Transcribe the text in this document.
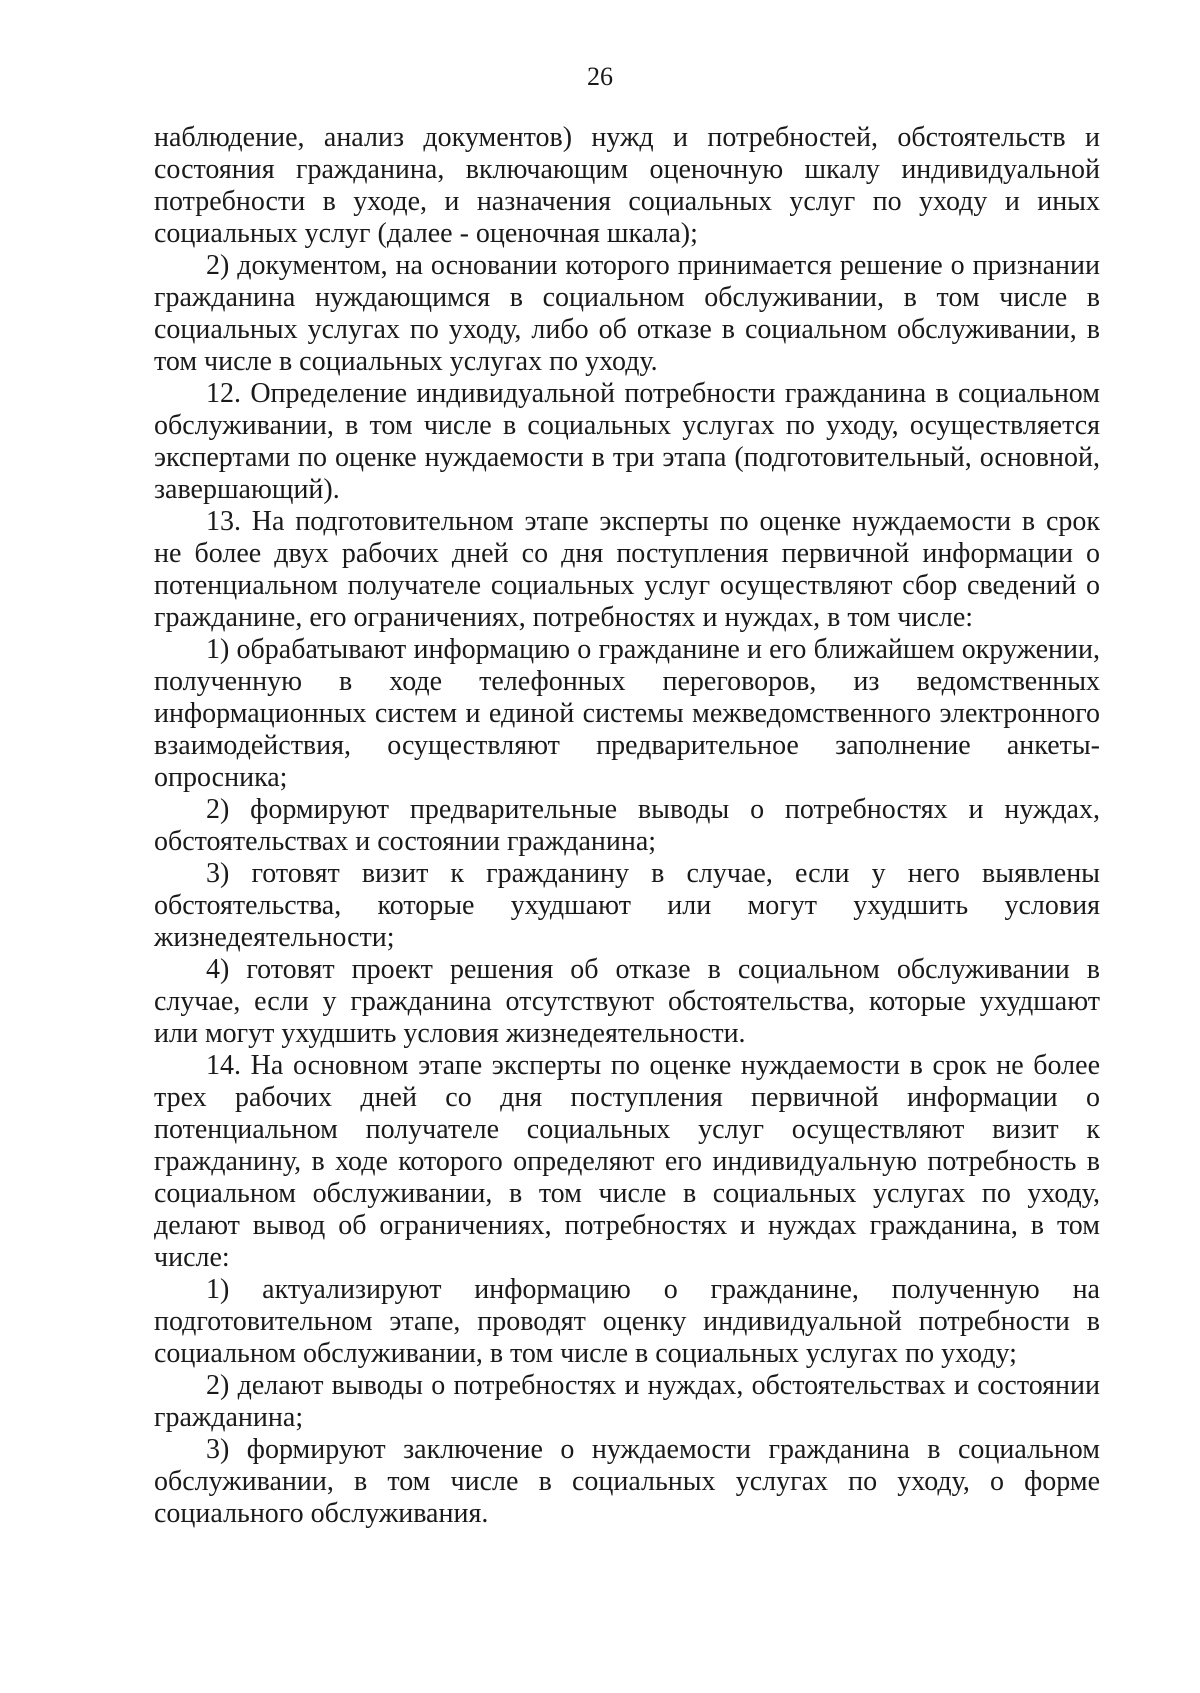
26

наблюдение, анализ документов) нужд и потребностей, обстоятельств и состояния гражданина, включающим оценочную шкалу индивидуальной потребности в уходе, и назначения социальных услуг по уходу и иных социальных услуг (далее - оценочная шкала);

2) документом, на основании которого принимается решение о признании гражданина нуждающимся в социальном обслуживании, в том числе в социальных услугах по уходу, либо об отказе в социальном обслуживании, в том числе в социальных услугах по уходу.

12. Определение индивидуальной потребности гражданина в социальном обслуживании, в том числе в социальных услугах по уходу, осуществляется экспертами по оценке нуждаемости в три этапа (подготовительный, основной, завершающий).

13. На подготовительном этапе эксперты по оценке нуждаемости в срок не более двух рабочих дней со дня поступления первичной информации о потенциальном получателе социальных услуг осуществляют сбор сведений о гражданине, его ограничениях, потребностях и нуждах, в том числе:

1) обрабатывают информацию о гражданине и его ближайшем окружении, полученную в ходе телефонных переговоров, из ведомственных информационных систем и единой системы межведомственного электронного взаимодействия, осуществляют предварительное заполнение анкеты-опросника;

2) формируют предварительные выводы о потребностях и нуждах, обстоятельствах и состоянии гражданина;

3) готовят визит к гражданину в случае, если у него выявлены обстоятельства, которые ухудшают или могут ухудшить условия жизнедеятельности;

4) готовят проект решения об отказе в социальном обслуживании в случае, если у гражданина отсутствуют обстоятельства, которые ухудшают или могут ухудшить условия жизнедеятельности.

14. На основном этапе эксперты по оценке нуждаемости в срок не более трех рабочих дней со дня поступления первичной информации о потенциальном получателе социальных услуг осуществляют визит к гражданину, в ходе которого определяют его индивидуальную потребность в социальном обслуживании, в том числе в социальных услугах по уходу, делают вывод об ограничениях, потребностях и нуждах гражданина, в том числе:

1) актуализируют информацию о гражданине, полученную на подготовительном этапе, проводят оценку индивидуальной потребности в социальном обслуживании, в том числе в социальных услугах по уходу;

2) делают выводы о потребностях и нуждах, обстоятельствах и состоянии гражданина;

3) формируют заключение о нуждаемости гражданина в социальном обслуживании, в том числе в социальных услугах по уходу, о форме социального обслуживания.
